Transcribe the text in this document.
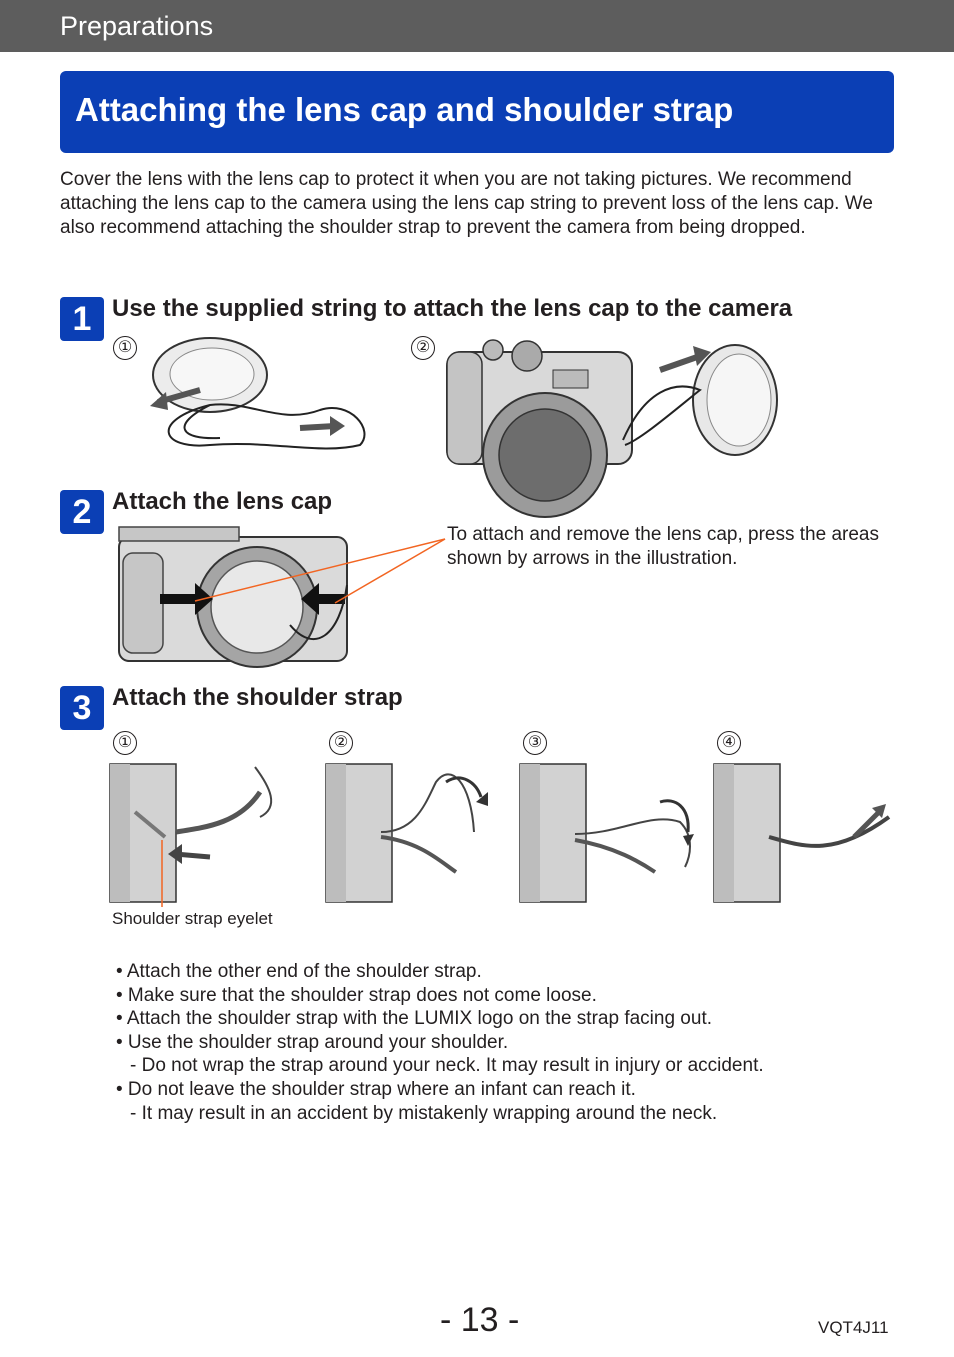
Preparations
Attaching the lens cap and shoulder strap

Cover the lens with the lens cap to protect it when you are not taking pictures. We recommend attaching the lens cap to the camera using the lens cap string to prevent loss of the lens cap. We also recommend attaching the shoulder strap to prevent the camera from being dropped.

1 Use the supplied string to attach the lens cap to the camera
①	②
2 Attach the lens cap
To attach and remove the lens cap, press the areas shown by arrows in the illustration.
3 Attach the shoulder strap
①	②	③	④
Shoulder strap eyelet
• Attach the other end of the shoulder strap.
• Make sure that the shoulder strap does not come loose.
• Attach the shoulder strap with the LUMIX logo on the strap facing out.
• Use the shoulder strap around your shoulder.
- Do not wrap the strap around your neck. It may result in injury or accident.
• Do not leave the shoulder strap where an infant can reach it.
- It may result in an accident by mistakenly wrapping around the neck.
- 13 -	VQT4J11
